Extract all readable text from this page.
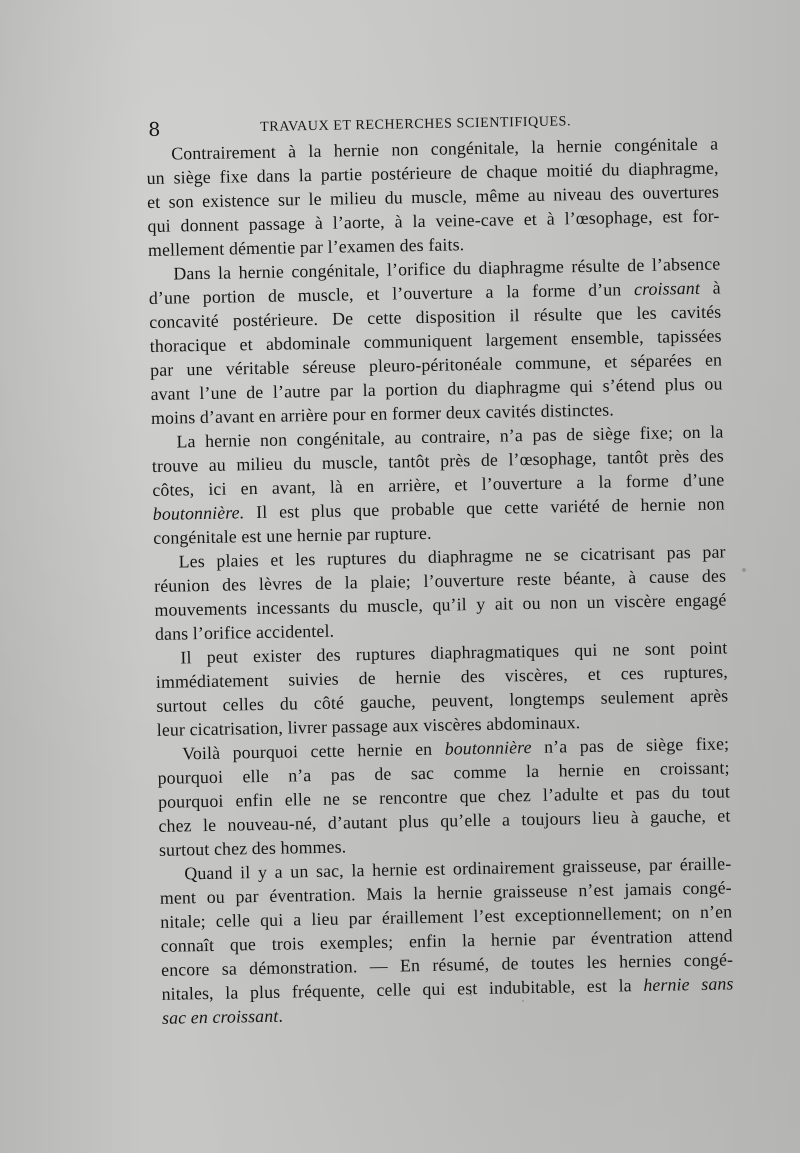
8	TRAVAUX ET RECHERCHES SCIENTIFIQUES.
Contrairement à la hernie non congénitale, la hernie congénitale a
un siège fixe dans la partie postérieure de chaque moitié du diaphragme,
et son existence sur le milieu du muscle, même au niveau des ouvertures
qui donnent passage à l’aorte, à la veine-cave et à l’œsophage, est for-
mellement démentie par l’examen des faits.
Dans la hernie congénitale, l’orifice du diaphragme résulte de l’absence
d’une portion de muscle, et l’ouverture a la forme d’un croissant à
concavité postérieure. De cette disposition il résulte que les cavités
thoracique et abdominale communiquent largement ensemble, tapissées
par une véritable séreuse pleuro-péritonéale commune, et séparées en
avant l’une de l’autre par la portion du diaphragme qui s’étend plus ou
moins d’avant en arrière pour en former deux cavités distinctes.
La hernie non congénitale, au contraire, n’a pas de siège fixe; on la
trouve au milieu du muscle, tantôt près de l’œsophage, tantôt près des
côtes, ici en avant, là en arrière, et l’ouverture a la forme d’une
boutonnière. Il est plus que probable que cette variété de hernie non
congénitale est une hernie par rupture.
Les plaies et les ruptures du diaphragme ne se cicatrisant pas par
réunion des lèvres de la plaie; l’ouverture reste béante, à cause des
mouvements incessants du muscle, qu’il y ait ou non un viscère engagé
dans l’orifice accidentel.
Il peut exister des ruptures diaphragmatiques qui ne sont point
immédiatement suivies de hernie des viscères, et ces ruptures,
surtout celles du côté gauche, peuvent, longtemps seulement après
leur cicatrisation, livrer passage aux viscères abdominaux.
Voilà pourquoi cette hernie en boutonnière n’a pas de siège fixe;
pourquoi elle n’a pas de sac comme la hernie en croissant;
pourquoi enfin elle ne se rencontre que chez l’adulte et pas du tout
chez le nouveau-né, d’autant plus qu’elle a toujours lieu à gauche, et
surtout chez des hommes.
Quand il y a un sac, la hernie est ordinairement graisseuse, par éraille-
ment ou par éventration. Mais la hernie graisseuse n’est jamais congé-
nitale; celle qui a lieu par éraillement l’est exceptionnellement; on n’en
connaît que trois exemples; enfin la hernie par éventration attend
encore sa démonstration. — En résumé, de toutes les hernies congé-
nitales, la plus fréquente, celle qui est indubitable, est la hernie sans
sac en croissant.
